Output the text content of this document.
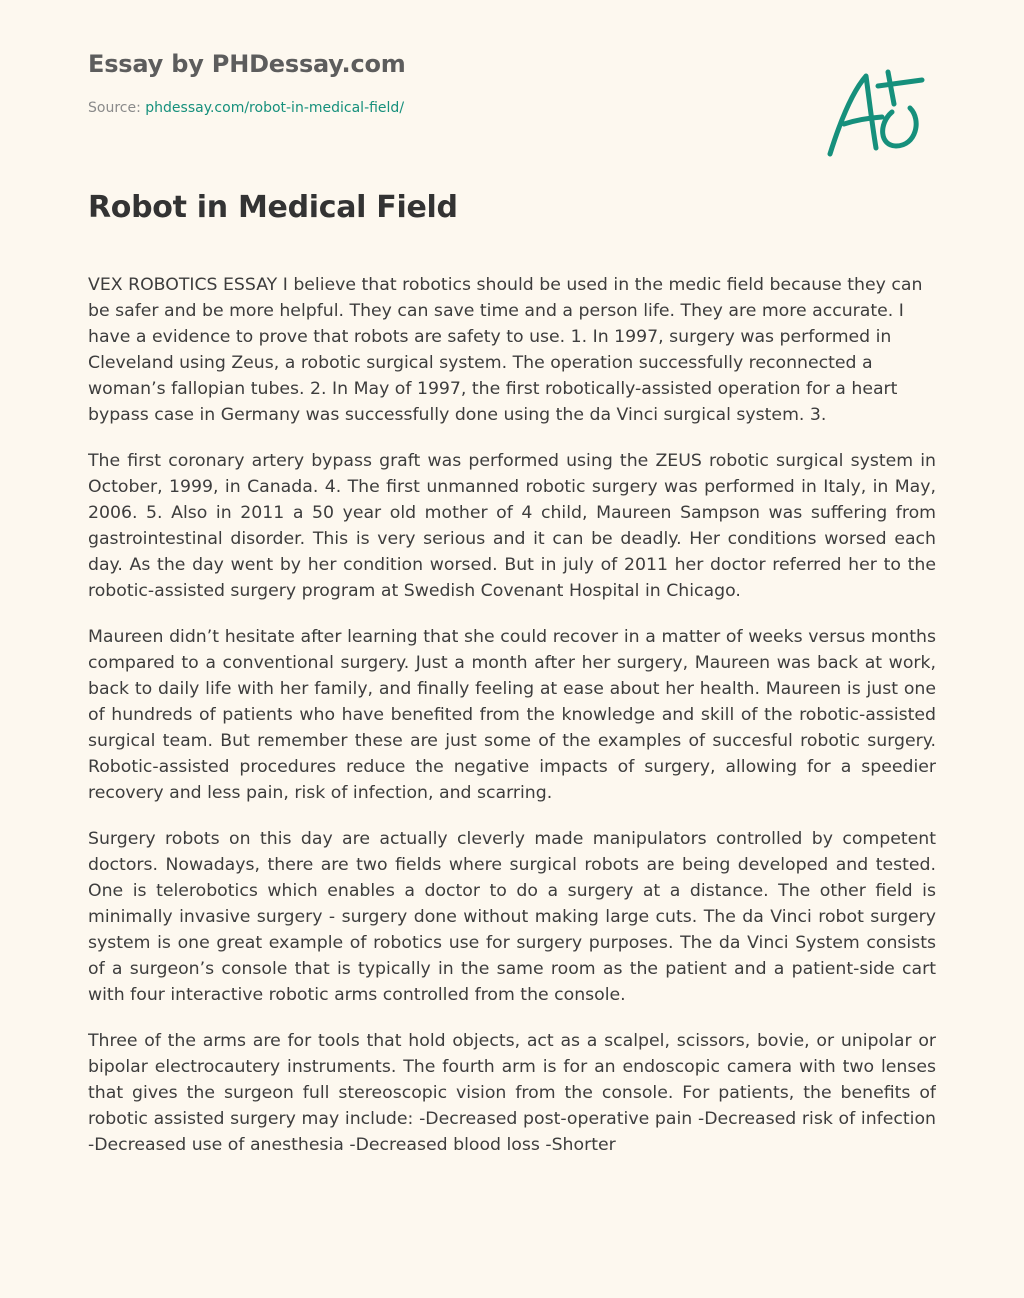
Essay by PHDessay.com

Source: phdessay.com/robot-in-medical-field/
Robot in Medical Field

VEX ROBOTICS ESSAY I believe that robotics should be used in the medic field because they can be safer and be more helpful. They can save time and a person life. They are more accurate. I have a evidence to prove that robots are safety to use. 1. In 1997, surgery was performed in Cleveland using Zeus, a robotic surgical system. The operation successfully reconnected a woman’s fallopian tubes. 2. In May of 1997, the first robotically-assisted operation for a heart bypass case in Germany was successfully done using the da Vinci surgical system. 3.

The first coronary artery bypass graft was performed using the ZEUS robotic surgical system in October, 1999, in Canada. 4. The first unmanned robotic surgery was performed in Italy, in May, 2006. 5. Also in 2011 a 50 year old mother of 4 child, Maureen Sampson was suffering from gastrointestinal disorder. This is very serious and it can be deadly. Her conditions worsed each day. As the day went by her condition worsed. But in july of 2011 her doctor referred her to the robotic-assisted surgery program at Swedish Covenant Hospital in Chicago.

Maureen didn’t hesitate after learning that she could recover in a matter of weeks versus months compared to a conventional surgery. Just a month after her surgery, Maureen was back at work, back to daily life with her family, and finally feeling at ease about her health. Maureen is just one of hundreds of patients who have benefited from the knowledge and skill of the robotic-assisted surgical team. But remember these are just some of the examples of succesful robotic surgery. Robotic-assisted procedures reduce the negative impacts of surgery, allowing for a speedier recovery and less pain, risk of infection, and scarring.

Surgery robots on this day are actually cleverly made manipulators controlled by competent doctors. Nowadays, there are two fields where surgical robots are being developed and tested. One is telerobotics which enables a doctor to do a surgery at a distance. The other field is minimally invasive surgery - surgery done without making large cuts. The da Vinci robot surgery system is one great example of robotics use for surgery purposes. The da Vinci System consists of a surgeon’s console that is typically in the same room as the patient and a patient-side cart with four interactive robotic arms controlled from the console.

Three of the arms are for tools that hold objects, act as a scalpel, scissors, bovie, or unipolar or bipolar electrocautery instruments. The fourth arm is for an endoscopic camera with two lenses that gives the surgeon full stereoscopic vision from the console. For patients, the benefits of robotic assisted surgery may include: -Decreased post-operative pain -Decreased risk of infection -Decreased use of anesthesia -Decreased blood loss -Shorter
